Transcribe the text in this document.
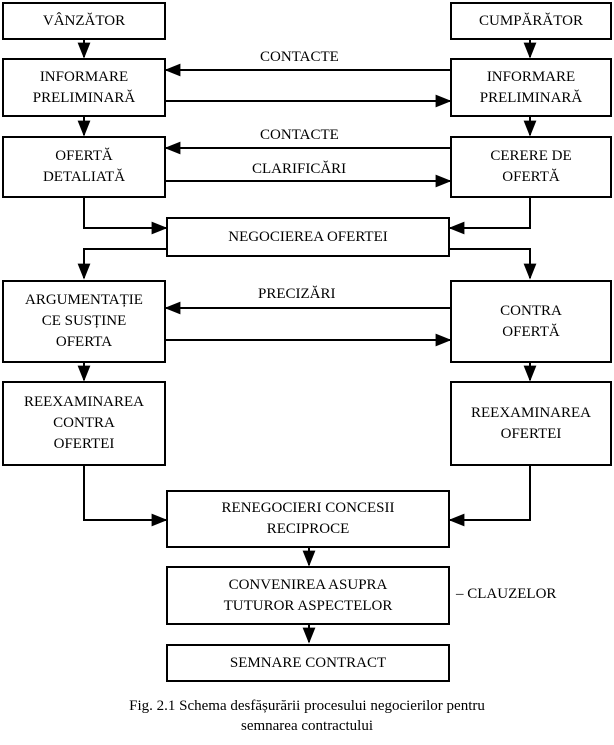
VÂNZĂTOR	CUMPĂRĂTOR
INFORMARE
PRELIMINARĂ
INFORMARE
PRELIMINARĂ
OFERTĂ
DETALIATĂ
CERERE DE
OFERTĂ
NEGOCIEREA OFERTEI
ARGUMENTAȚIE
CE SUSȚINE
OFERTA
CONTRA
OFERTĂ
REEXAMINAREA
CONTRA
OFERTEI
REEXAMINAREA
OFERTEI
RENEGOCIERI CONCESII
RECIPROCE
CONVENIREA ASUPRA
TUTUROR ASPECTELOR
SEMNARE CONTRACT
CONTACTE
CONTACTE
CLARIFICĂRI
PRECIZĂRI
– CLAUZELOR
Fig. 2.1 Schema desfășurării procesului negocierilor pentru
semnarea contractului
